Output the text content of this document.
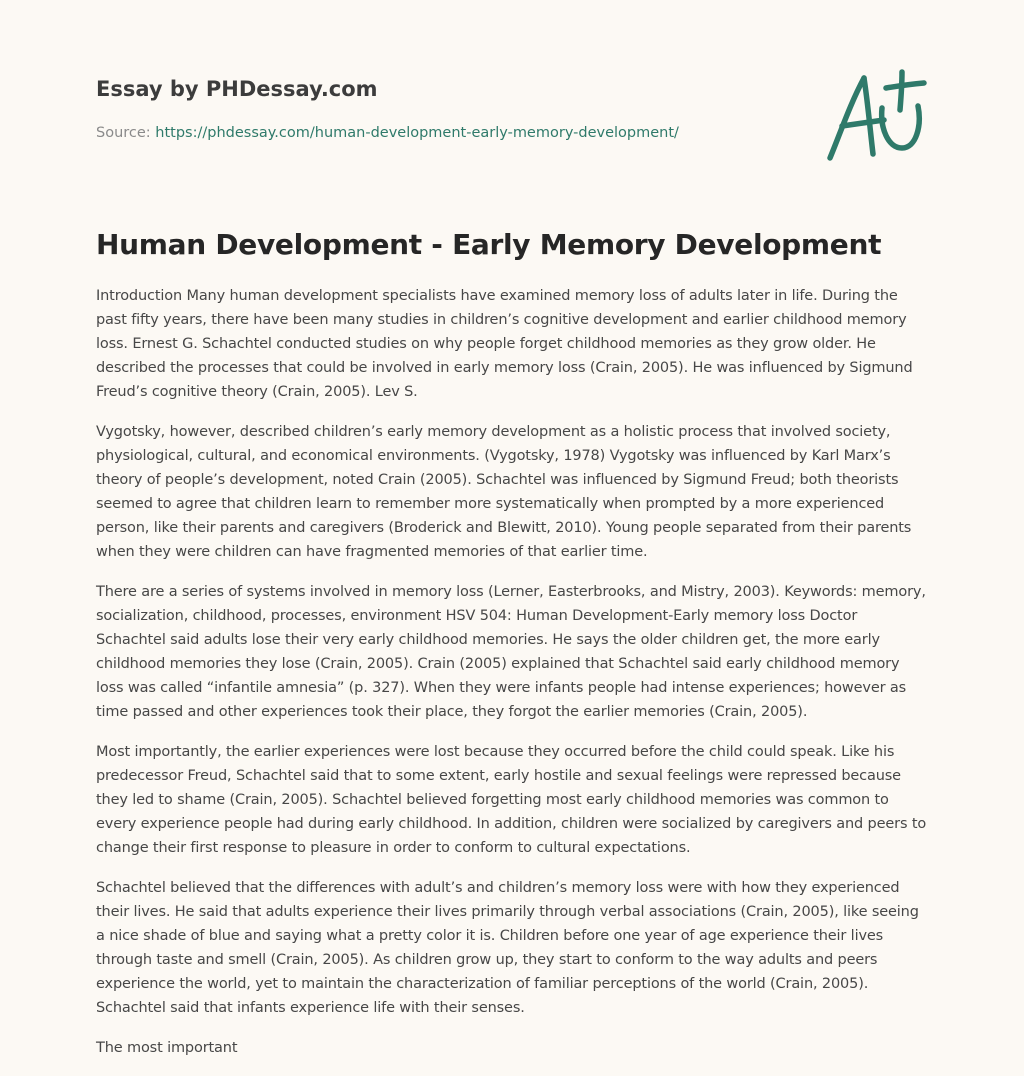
Essay by PHDessay.com
Source: https://phdessay.com/human-development-early-memory-development/
Human Development - Early Memory Development

Introduction Many human development specialists have examined memory loss of adults later in life. During the past fifty years, there have been many studies in children’s cognitive development and earlier childhood memory loss. Ernest G. Schachtel conducted studies on why people forget childhood memories as they grow older. He described the processes that could be involved in early memory loss (Crain, 2005). He was influenced by Sigmund Freud’s cognitive theory (Crain, 2005). Lev S.

Vygotsky, however, described children’s early memory development as a holistic process that involved society, physiological, cultural, and economical environments. (Vygotsky, 1978) Vygotsky was influenced by Karl Marx’s theory of people’s development, noted Crain (2005). Schachtel was influenced by Sigmund Freud; both theorists seemed to agree that children learn to remember more systematically when prompted by a more experienced person, like their parents and caregivers (Broderick and Blewitt, 2010). Young people separated from their parents when they were children can have fragmented memories of that earlier time.

There are a series of systems involved in memory loss (Lerner, Easterbrooks, and Mistry, 2003). Keywords: memory, socialization, childhood, processes, environment HSV 504: Human Development-Early memory loss Doctor Schachtel said adults lose their very early childhood memories. He says the older children get, the more early childhood memories they lose (Crain, 2005). Crain (2005) explained that Schachtel said early childhood memory loss was called “infantile amnesia” (p. 327). When they were infants people had intense experiences; however as time passed and other experiences took their place, they forgot the earlier memories (Crain, 2005).

Most importantly, the earlier experiences were lost because they occurred before the child could speak. Like his predecessor Freud, Schachtel said that to some extent, early hostile and sexual feelings were repressed because they led to shame (Crain, 2005). Schachtel believed forgetting most early childhood memories was common to every experience people had during early childhood. In addition, children were socialized by caregivers and peers to change their first response to pleasure in order to conform to cultural expectations.

Schachtel believed that the differences with adult’s and children’s memory loss were with how they experienced their lives. He said that adults experience their lives primarily through verbal associations (Crain, 2005), like seeing a nice shade of blue and saying what a pretty color it is. Children before one year of age experience their lives through taste and smell (Crain, 2005). As children grow up, they start to conform to the way adults and peers experience the world, yet to maintain the characterization of familiar perceptions of the world (Crain, 2005). Schachtel said that infants experience life with their senses.

The most important
